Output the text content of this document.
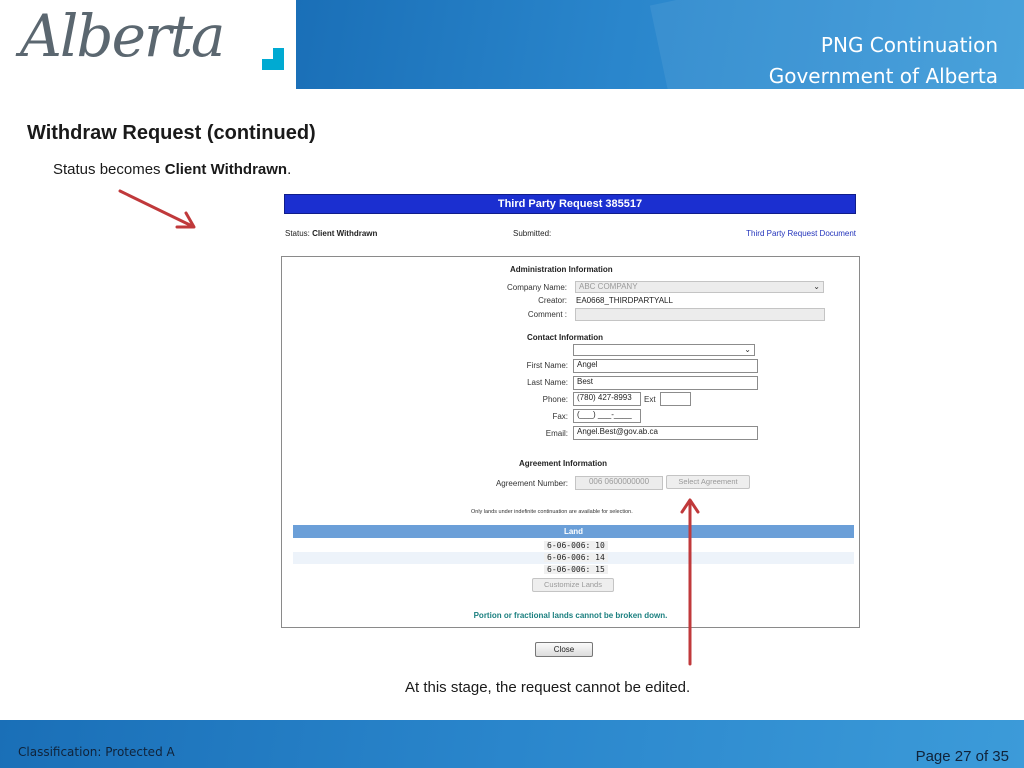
Alberta	PNG Continuation
Government of Alberta
Withdraw Request (continued)
Status becomes Client Withdrawn.
Third Party Request 385517
Status: Client Withdrawn	Submitted:	Third Party Request Document
Administration Information
Company Name:	ABC COMPANY	⌄
Creator: EA0668_THIRDPARTYALL
Comment :
Contact Information
⌄
First Name:	Angel
Last Name:	Best
Phone:	(780) 427-8993	Ext
Fax:	(___) ___-____
Email:	Angel.Best@gov.ab.ca
Agreement Information
Agreement Number:	006 0600000000	Select Agreement
Only lands under indefinite continuation are available for selection.
Land
6-06-006: 10
6-06-006: 14
6-06-006: 15
Customize Lands
Portion or fractional lands cannot be broken down.
Close
At this stage, the request cannot be edited.
Classification: Protected A	Page 27 of 35
